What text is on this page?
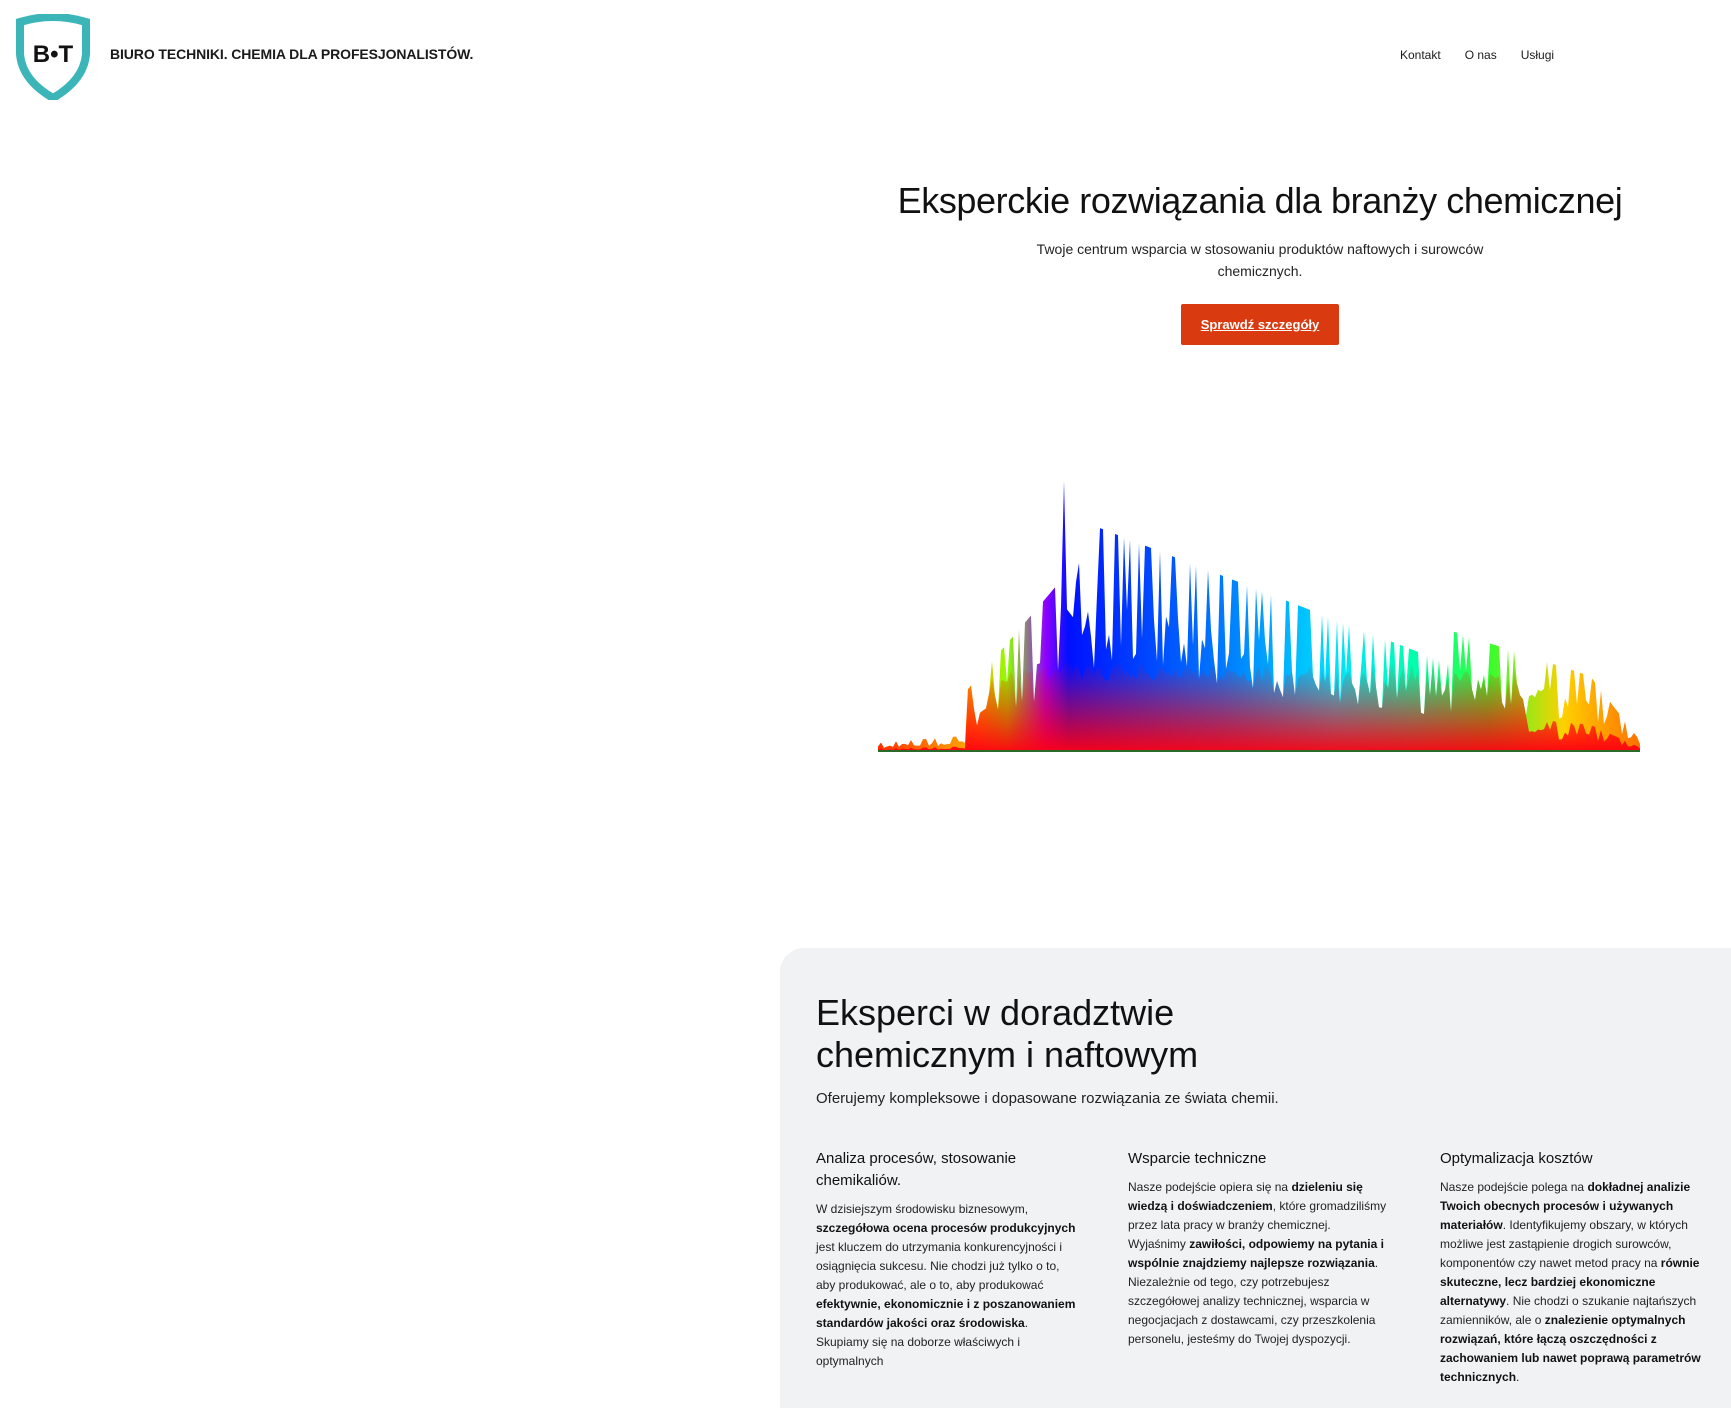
B•T	BIURO TECHNIKI. CHEMIA DLA PROFESJONALISTÓW.	Kontakt O nas Usługi
Eksperckie rozwiązania dla branży chemicznej

Twoje centrum wsparcia w stosowaniu produktów naftowych i surowców chemicznych.

Sprawdź szczegóły
Eksperci w doradztwie chemicznym i naftowym

Oferujemy kompleksowe i dopasowane rozwiązania ze świata chemii.

Analiza procesów, stosowanie chemikaliów.

W dzisiejszym środowisku biznesowym, szczegółowa ocena procesów produkcyjnych jest kluczem do utrzymania konkurencyjności i osiągnięcia sukcesu. Nie chodzi już tylko o to, aby produkować, ale o to, aby produkować efektywnie, ekonomicznie i z poszanowaniem standardów jakości oraz środowiska. Skupiamy się na doborze właściwych i optymalnych

Wsparcie techniczne

Nasze podejście opiera się na dzieleniu się wiedzą i doświadczeniem, które gromadziliśmy przez lata pracy w branży chemicznej. Wyjaśnimy zawiłości, odpowiemy na pytania i wspólnie znajdziemy najlepsze rozwiązania. Niezależnie od tego, czy potrzebujesz szczegółowej analizy technicznej, wsparcia w negocjacjach z dostawcami, czy przeszkolenia personelu, jesteśmy do Twojej dyspozycji.

Optymalizacja kosztów

Nasze podejście polega na dokładnej analizie Twoich obecnych procesów i używanych materiałów. Identyfikujemy obszary, w których możliwe jest zastąpienie drogich surowców, komponentów czy nawet metod pracy na równie skuteczne, lecz bardziej ekonomiczne alternatywy. Nie chodzi o szukanie najtańszych zamienników, ale o znalezienie optymalnych rozwiązań, które łączą oszczędności z zachowaniem lub nawet poprawą parametrów technicznych.
